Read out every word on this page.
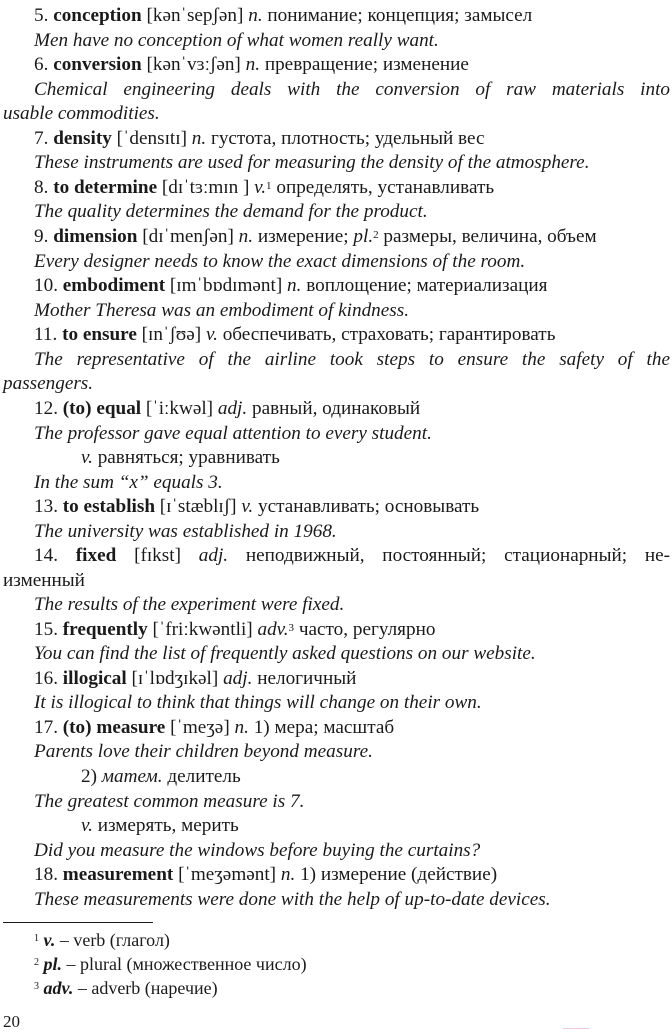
5. conception [kənˈsepʃən] n. понимание; концепция; замысел
Men have no conception of what women really want.
6. conversion [kənˈvɜːʃən] n. превращение; изменение
Chemical engineering deals with the conversion of raw materials into
usable commodities.
7. density [ˈdensɪtɪ] n. густота, плотность; удельный вес
These instruments are used for measuring the density of the atmosphere.
8. to determine [dɪˈtɜːmɪn ] v.$^1$ определять, устанавливать
The quality determines the demand for the product.
9. dimension [dɪˈmenʃən] n. измерение; pl.$^2$ размеры, величина, объем
Every designer needs to know the exact dimensions of the room.
10. embodiment [ɪmˈbɒdɪmənt] n. воплощение; материализация
Mother Theresa was an embodiment of kindness.
11. to ensure [ɪnˈʃʊə] v. обеспечивать, страховать; гарантировать
The representative of the airline took steps to ensure the safety of the
passengers.
12. (to) equal [ˈiːkwəl] adj. равный, одинаковый
The professor gave equal attention to every student.
v. равняться; уравнивать
In the sum “x” equals 3.
13. to establish [ɪˈstæblɪʃ] v. устанавливать; основывать
The university was established in 1968.
14. fixed [fɪkst] adj. неподвижный, постоянный; стационарный; не-
изменный
The results of the experiment were fixed.
15. frequently [ˈfriːkwəntli] adv.$^3$ часто, регулярно
You can find the list of frequently asked questions on our website.
16. illogical [ɪˈlɒdʒɪkəl] adj. нелогичный
It is illogical to think that things will change on their own.
17. (to) measure [ˈmeʒə] n. 1) мера; масштаб
Parents love their children beyond measure.
2) матем. делитель
The greatest common measure is 7.
v. измерять, мерить
Did you measure the windows before buying the curtains?
18. measurement [ˈmeʒəmənt] n. 1) измерение (действие)
These measurements were done with the help of up-to-date devices.
$^1$ v. – verb (глагол)
$^2$ pl. – plural (множественное число)
$^3$ adv. – adverb (наречие)
20
